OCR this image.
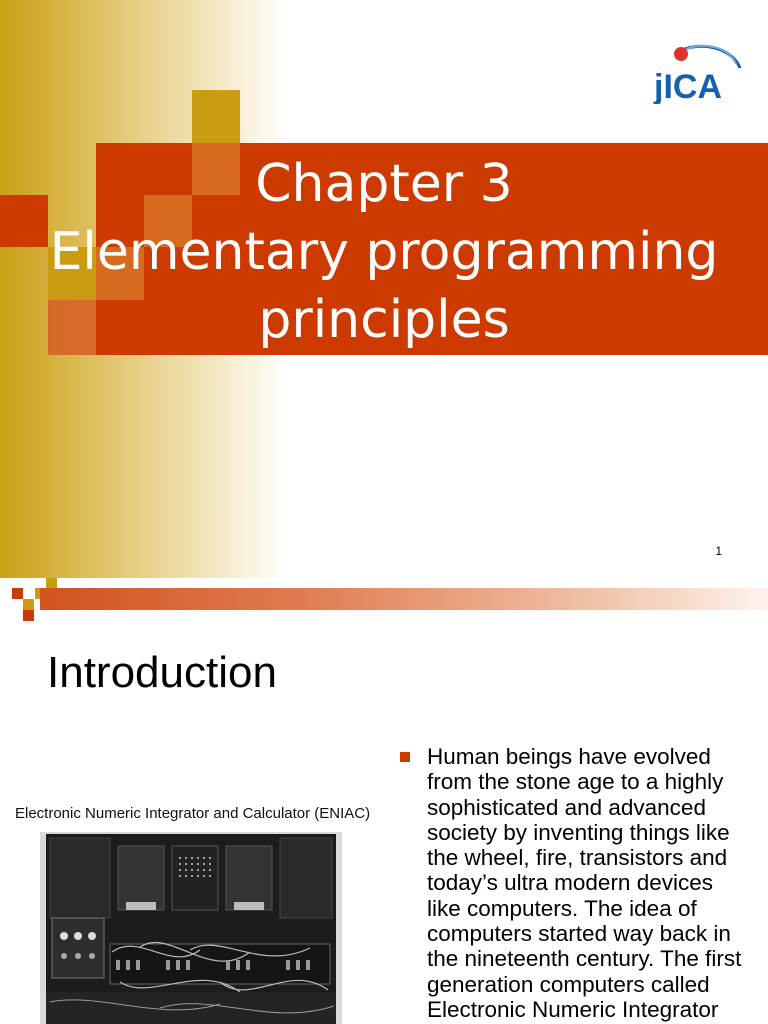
Chapter 3
Elementary programming
principles
jICA
1
Introduction
Electronic Numeric Integrator and Calculator (ENIAC)
Human beings have evolved
from the stone age to a highly
sophisticated and advanced
society by inventing things like
the wheel, fire, transistors and
today’s ultra modern devices
like computers. The idea of
computers started way back in
the nineteenth century. The first
generation computers called
Electronic Numeric Integrator
